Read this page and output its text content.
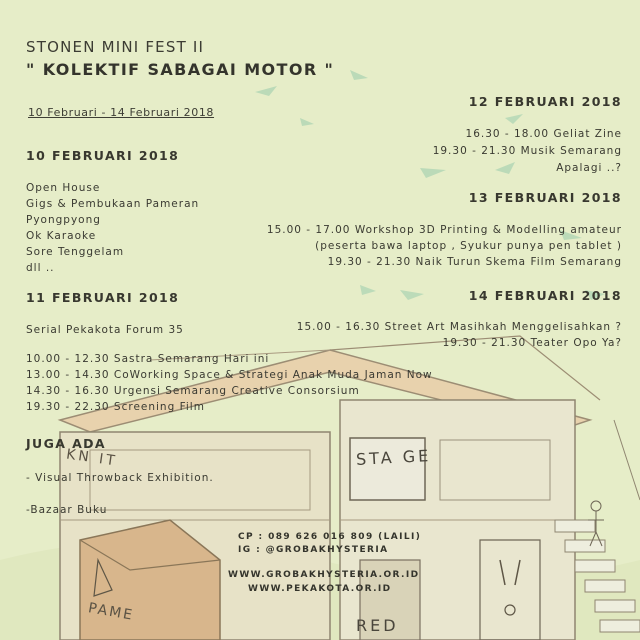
STA GE
KN IT
PAME
RED
STONEN MINI FEST II
" KOLEKTIF SABAGAI MOTOR "
10 Februari - 14 Februari 2018
10 FEBRUARI 2018
Open House
Gigs & Pembukaan Pameran
Pyongpyong
Ok Karaoke
Sore Tenggelam
dll ..
11 FEBRUARI 2018
Serial Pekakota Forum 35
10.00 - 12.30 Sastra Semarang Hari ini
13.00 - 14.30 CoWorking Space & Strategi Anak Muda Jaman Now
14.30 - 16.30 Urgensi Semarang Creative Consorsium
19.30 - 22.30 Screening Film
JUGA ADA
- Visual Throwback Exhibition.
-Bazaar Buku
12 FEBRUARI 2018
16.30 - 18.00 Geliat Zine
19.30 - 21.30 Musik Semarang
Apalagi ..?
13 FEBRUARI 2018
15.00 - 17.00 Workshop 3D Printing & Modelling amateur
(peserta bawa laptop , Syukur punya pen tablet )
19.30 - 21.30 Naik Turun Skema Film Semarang
14 FEBRUARI 2018
15.00 - 16.30 Street Art Masihkah Menggelisahkan ?
19.30 - 21.30 Teater Opo Ya?
CP : 089 626 016 809 (LAILI)
IG : @GROBAKHYSTERIA
WWW.GROBAKHYSTERIA.OR.ID
WWW.PEKAKOTA.OR.ID
